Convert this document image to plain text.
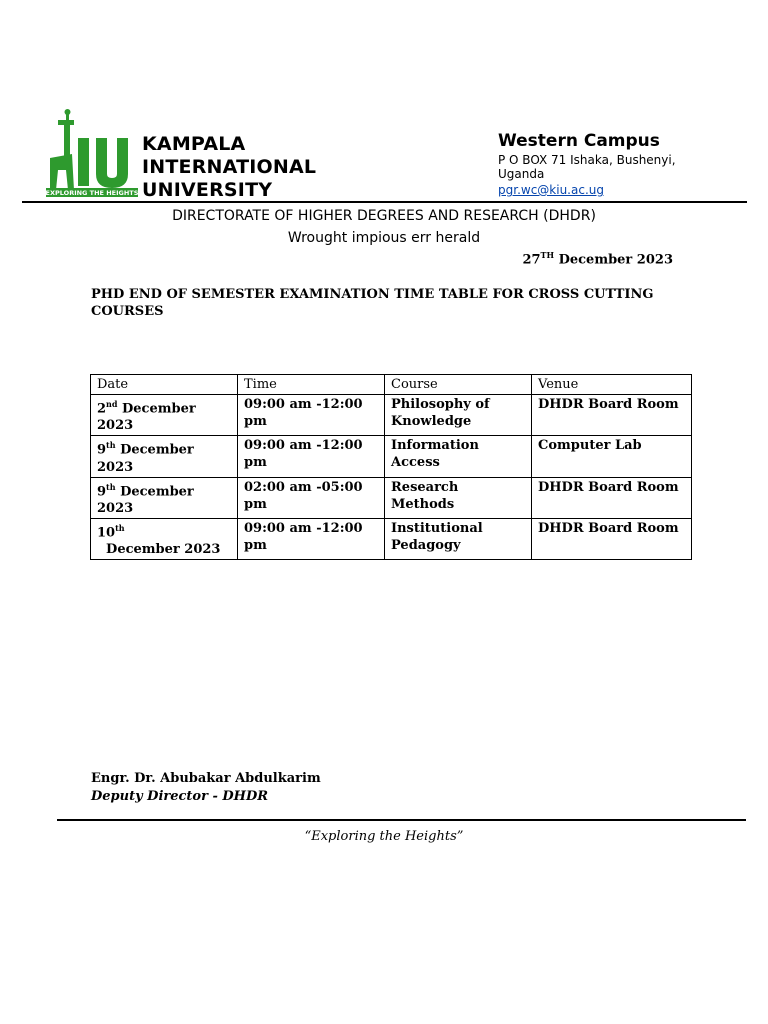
EXPLORING THE HEIGHTS
KAMPALA
INTERNATIONAL
UNIVERSITY
Western Campus
P O BOX 71 Ishaka, Bushenyi,
Uganda
pgr.wc@kiu.ac.ug
DIRECTORATE OF HIGHER DEGREES AND RESEARCH (DHDR)
Wrought impious err herald
27TH December 2023
PHD END OF SEMESTER EXAMINATION TIME TABLE FOR CROSS CUTTING COURSES
Date	Time	Course	Venue
2nd December 2023	09:00 am -12:00 pm	Philosophy of Knowledge	DHDR Board Room
9th December 2023	09:00 am -12:00 pm	Information Access	Computer Lab
9th December 2023	02:00 am -05:00 pm	Research Methods	DHDR Board Room
10th  December 2023	09:00 am -12:00 pm	Institutional Pedagogy	DHDR Board Room
Engr. Dr. Abubakar Abdulkarim
Deputy Director - DHDR
“Exploring the Heights”
